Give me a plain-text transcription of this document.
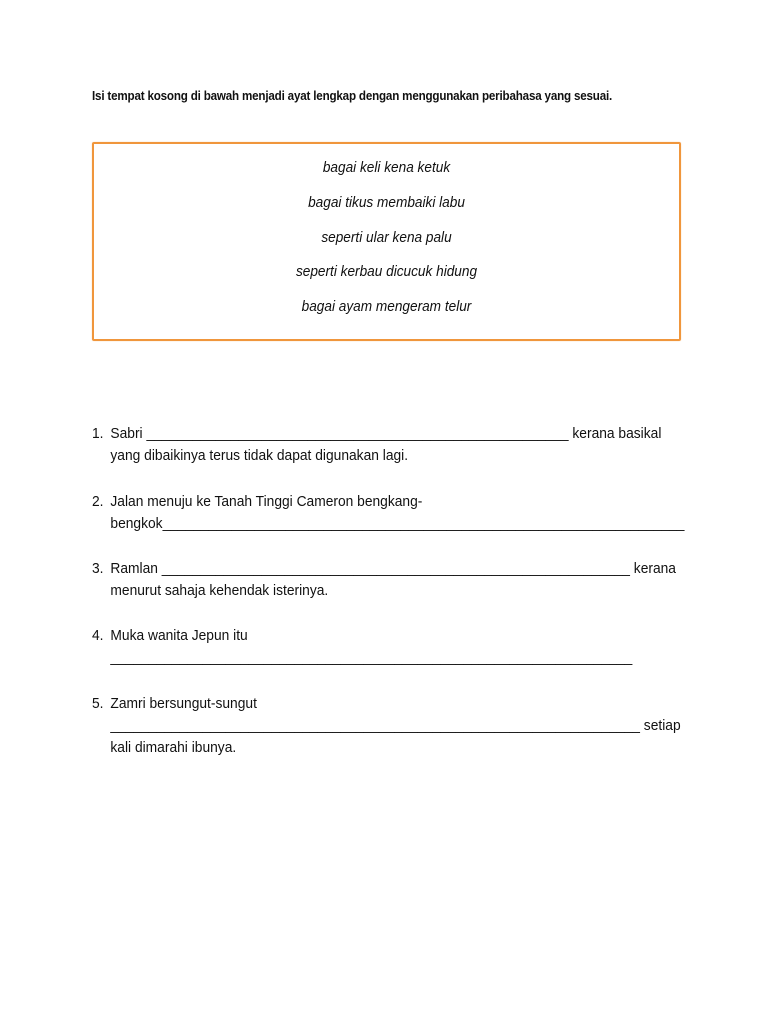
Isi tempat kosong di bawah menjadi ayat lengkap dengan menggunakan peribahasa yang sesuai.
bagai keli kena ketuk
bagai tikus membaiki labu
seperti ular kena palu
seperti kerbau dicucuk hidung
bagai ayam mengeram telur
1. Sabri _______________________________________________________ kerana basikal
yang dibaikinya terus tidak dapat digunakan lagi.
2. Jalan menuju ke Tanah Tinggi Cameron bengkang-
bengkok____________________________________________________________________
3. Ramlan _____________________________________________________________ kerana
menurut sahaja kehendak isterinya.
4. Muka wanita Jepun itu
____________________________________________________________________
5. Zamri bersungut-sungut
_____________________________________________________________________ setiap
kali dimarahi ibunya.
